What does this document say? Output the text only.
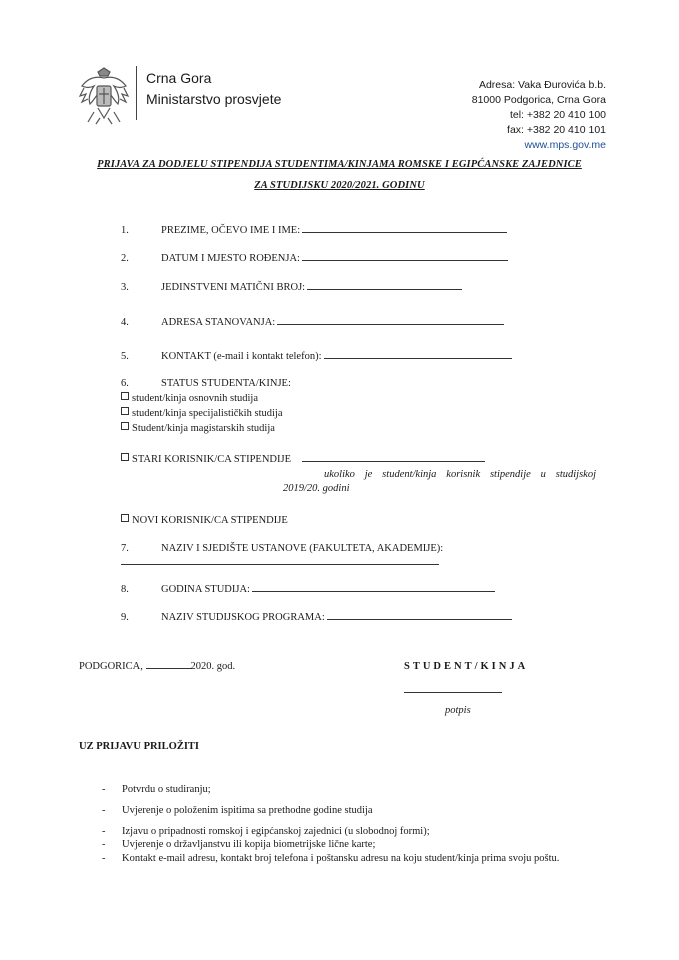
Crna Gora
Ministarstvo prosvjete
Adresa: Vaka Đurovića b.b.
81000 Podgorica, Crna Gora
tel: +382 20 410 100
fax: +382 20 410 101
www.mps.gov.me
PRIJAVA ZA DODJELU STIPENDIJA STUDENTIMA/KINJAMA ROMSKE I EGIPĆANSKE ZAJEDNICE
ZA STUDIJSKU 2020/2021. GODINU
1.	PREZIME, OČEVO IME I IME:
2.	DATUM I MJESTO ROĐENJA:
3.	JEDINSTVENI MATIČNI BROJ:
4.	ADRESA STANOVANJA:
5.	KONTAKT (e-mail i kontakt telefon):
6.	STATUS STUDENTA/KINJE:
student/kinja osnovnih studija
student/kinja specijalističkih studija
Student/kinja magistarskih studija
STARI KORISNIK/CA STIPENDIJE
ukoliko je student/kinja korisnik stipendije u studijskoj
2019/20. godini
NOVI KORISNIK/CA STIPENDIJE
7.	NAZIV I SJEDIŠTE USTANOVE (FAKULTETA, AKADEMIJE):
8.	GODINA STUDIJA:
9.	NAZIV STUDIJSKOG PROGRAMA:
PODGORICA,	2020. god.	STUDENT/KINJA
potpis
UZ PRIJAVU PRILOŽITI
- Potvrdu o studiranju;
- Uvjerenje o položenim ispitima sa prethodne godine studija
- Izjavu o pripadnosti romskoj i egipćanskoj zajednici (u slobodnoj formi);
- Uvjerenje o državljanstvu ili kopija biometrijske lične karte;
- Kontakt e-mail adresu, kontakt broj telefona i poštansku adresu na koju student/kinja prima svoju poštu.
